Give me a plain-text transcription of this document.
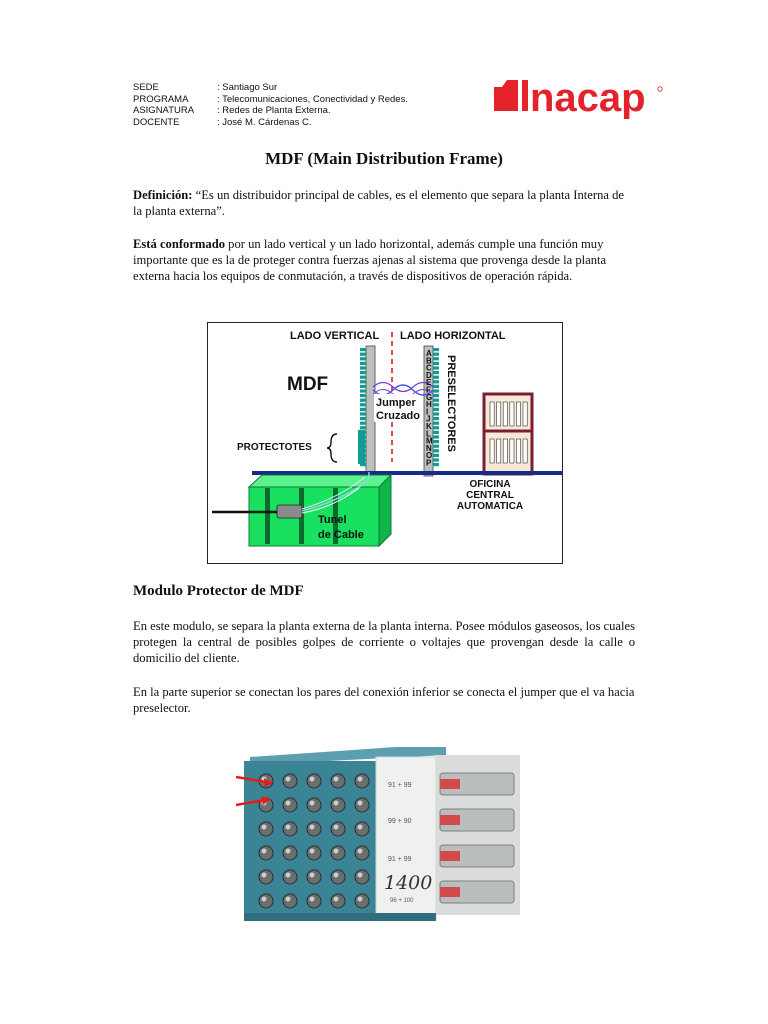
SEDE	: Santiago Sur
PROGRAMA	: Telecomunicaciones, Conectividad y Redes.
ASIGNATURA	: Redes de Planta Externa.
DOCENTE	: José M. Cárdenas C.
nacap
MDF (Main Distribution Frame)
Definición: “Es un distribuidor principal de cables, es el elemento que separa la planta Interna de la planta externa”.
Está conformado por un lado vertical y un lado horizontal, además cumple una función muy importante que es la de proteger contra fuerzas ajenas al sistema que provenga desde la planta externa hacia los equipos de conmutación, a través de dispositivos de operación rápida.
LADO VERTICAL LADO HORIZONTAL
MDF
Jumper
Cruzado
A B C D E F G H I J K L M N O P
PRESELECTORES
PROTECTOTES
OFICINA
CENTRAL
AUTOMATICA
Tunel
de Cable
Modulo Protector de MDF
En este modulo, se separa la planta externa de la planta interna. Posee módulos gaseosos, los cuales protegen la central de posibles golpes de corriente o voltajes que provengan desde la calle o domicilio del cliente.
En la parte superior se conectan los pares del conexión inferior se conecta el jumper que el va hacia preselector.
91 + 99
99 + 90
91 + 99
1400
96 + 100
